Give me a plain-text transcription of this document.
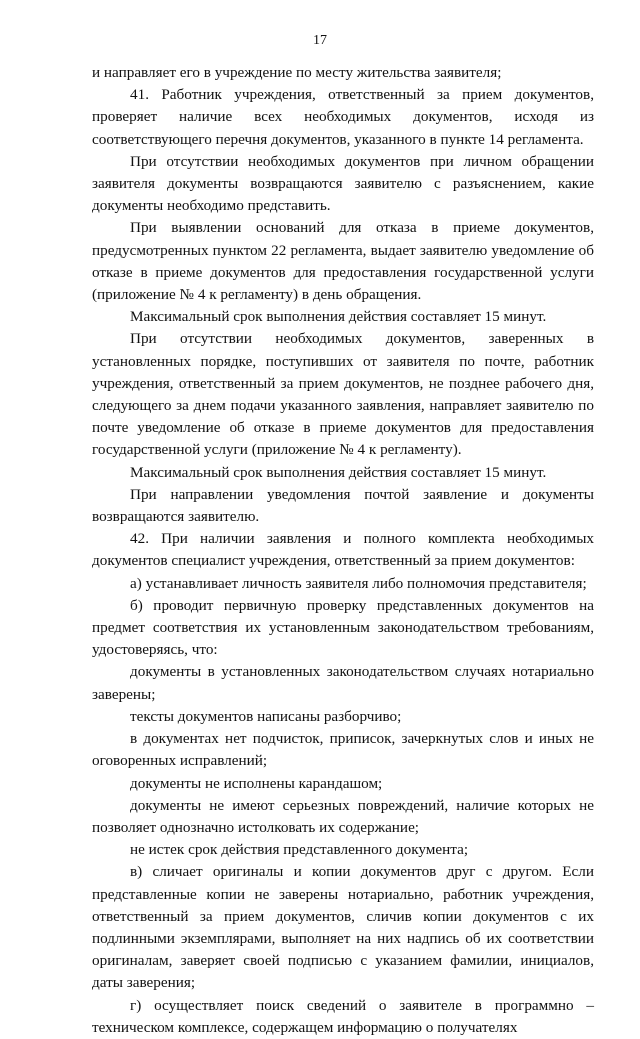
17

и направляет его в учреждение по месту жительства заявителя;

41. Работник учреждения, ответственный за прием документов, проверяет наличие всех необходимых документов, исходя из соответствующего перечня документов, указанного в пункте 14 регламента.

При отсутствии необходимых документов при личном обращении заявителя документы возвращаются заявителю с разъяснением, какие документы необходимо представить.

При выявлении оснований для отказа в приеме документов, предусмотренных пунктом 22 регламента, выдает заявителю уведомление об отказе в приеме документов для предоставления государственной услуги (приложение № 4 к регламенту) в день обращения.

Максимальный срок выполнения действия составляет 15 минут.

При отсутствии необходимых документов, заверенных в установленных порядке, поступивших от заявителя по почте, работник учреждения, ответственный за прием документов, не позднее рабочего дня, следующего за днем подачи указанного заявления, направляет заявителю по почте уведомление об отказе в приеме документов для предоставления государственной услуги (приложение № 4 к регламенту).

Максимальный срок выполнения действия составляет 15 минут.

При направлении уведомления почтой заявление и документы возвращаются заявителю.

42. При наличии заявления и полного комплекта необходимых документов специалист учреждения, ответственный за прием документов:

а) устанавливает личность заявителя либо полномочия представителя;

б) проводит первичную проверку представленных документов на предмет соответствия их установленным законодательством требованиям, удостоверяясь, что:

документы в установленных законодательством случаях нотариально заверены;

тексты документов написаны разборчиво;

в документах нет подчисток, приписок, зачеркнутых слов и иных не оговоренных исправлений;

документы не исполнены карандашом;

документы не имеют серьезных повреждений, наличие которых не позволяет однозначно истолковать их содержание;

не истек срок действия представленного документа;

в) сличает оригиналы и копии документов друг с другом. Если представленные копии не заверены нотариально, работник учреждения, ответственный за прием документов, сличив копии документов с их подлинными экземплярами, выполняет на них надпись об их соответствии оригиналам, заверяет своей подписью с указанием фамилии, инициалов, даты заверения;

г) осуществляет поиск сведений о заявителе в программно – техническом комплексе, содержащем информацию о получателях
